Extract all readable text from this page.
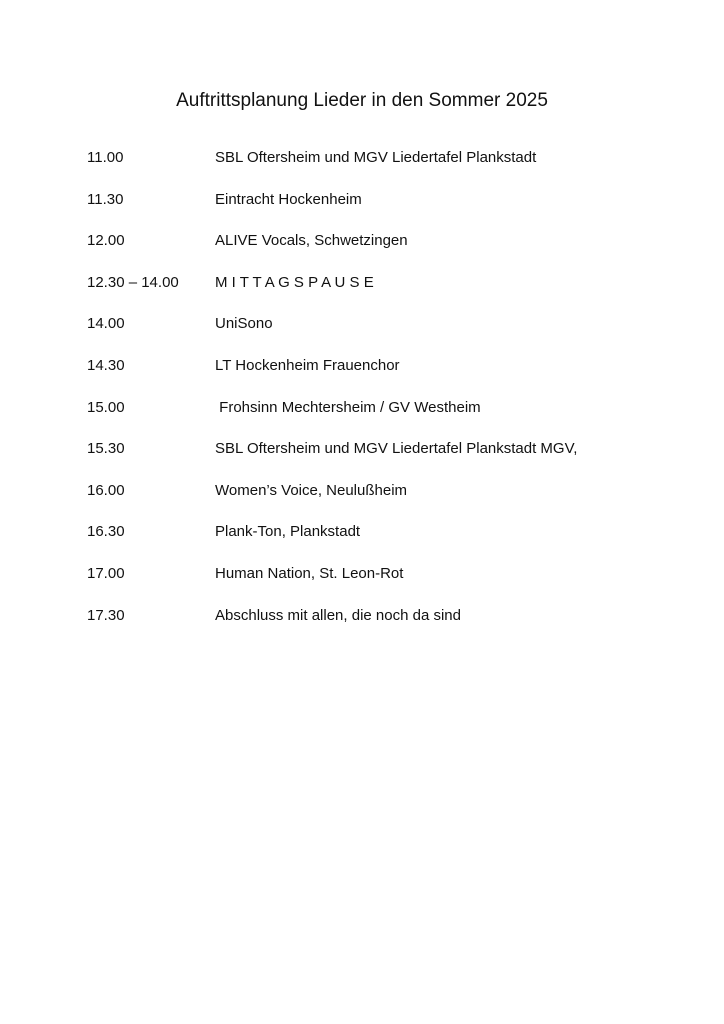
Auftrittsplanung Lieder in den Sommer 2025
11.00	SBL Oftersheim und MGV Liedertafel Plankstadt
11.30	Eintracht Hockenheim
12.00	ALIVE Vocals, Schwetzingen
12.30 – 14.00	M I T T A G S P A U S E
14.00	UniSono
14.30	LT Hockenheim Frauenchor
15.00	Frohsinn Mechtersheim / GV Westheim
15.30	SBL Oftersheim und MGV Liedertafel Plankstadt MGV,
16.00	Women’s Voice, Neulußheim
16.30	Plank-Ton, Plankstadt
17.00	Human Nation, St. Leon-Rot
17.30	Abschluss mit allen, die noch da sind
